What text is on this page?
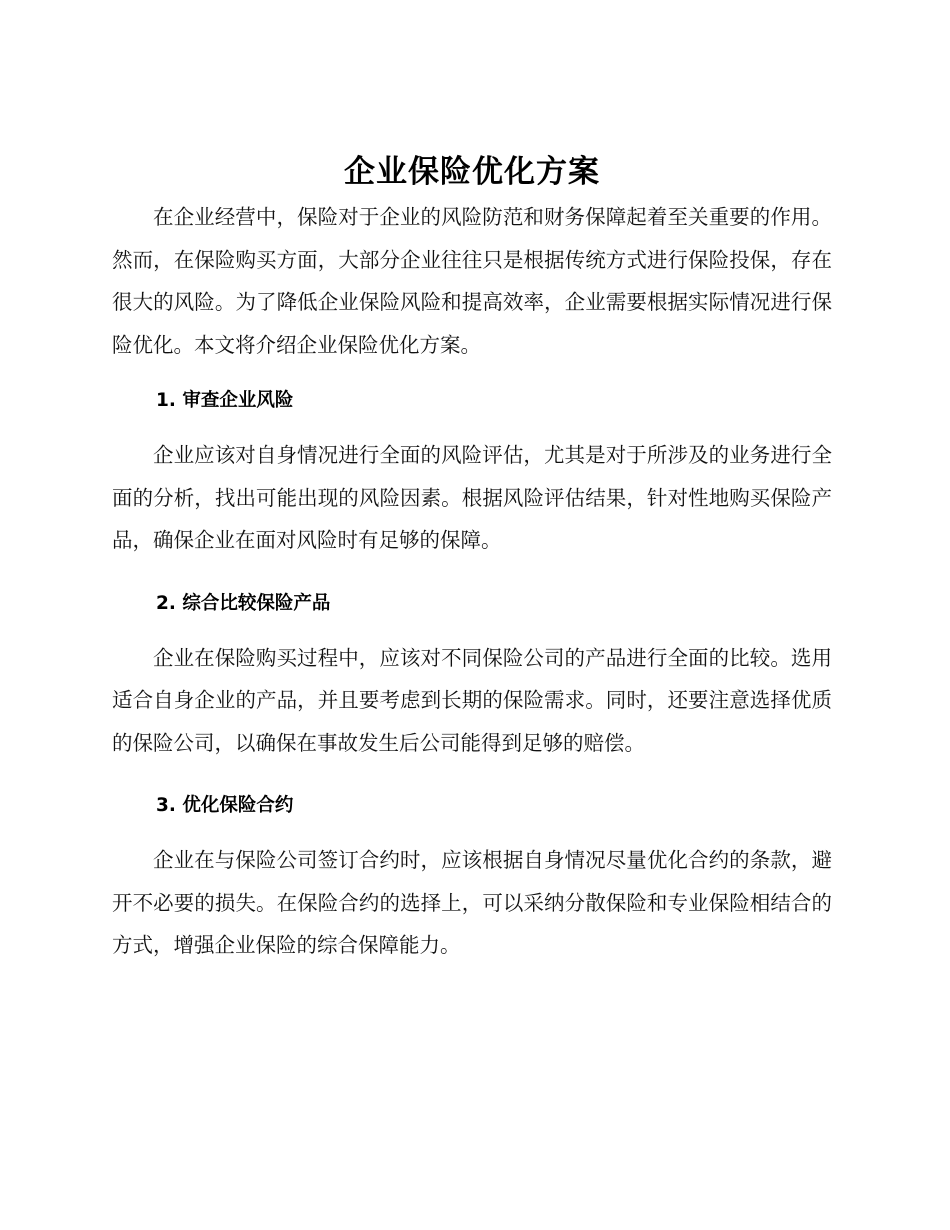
企业保险优化方案

在企业经营中，保险对于企业的风险防范和财务保障起着至关重要的作用。然而，在保险购买方面，大部分企业往往只是根据传统方式进行保险投保，存在很大的风险。为了降低企业保险风险和提高效率，企业需要根据实际情况进行保险优化。本文将介绍企业保险优化方案。

1. 审查企业风险

企业应该对自身情况进行全面的风险评估，尤其是对于所涉及的业务进行全面的分析，找出可能出现的风险因素。根据风险评估结果，针对性地购买保险产品，确保企业在面对风险时有足够的保障。

2. 综合比较保险产品

企业在保险购买过程中，应该对不同保险公司的产品进行全面的比较。选用适合自身企业的产品，并且要考虑到长期的保险需求。同时，还要注意选择优质的保险公司，以确保在事故发生后公司能得到足够的赔偿。

3. 优化保险合约

企业在与保险公司签订合约时，应该根据自身情况尽量优化合约的条款，避开不必要的损失。在保险合约的选择上，可以采纳分散保险和专业保险相结合的方式，增强企业保险的综合保障能力。
